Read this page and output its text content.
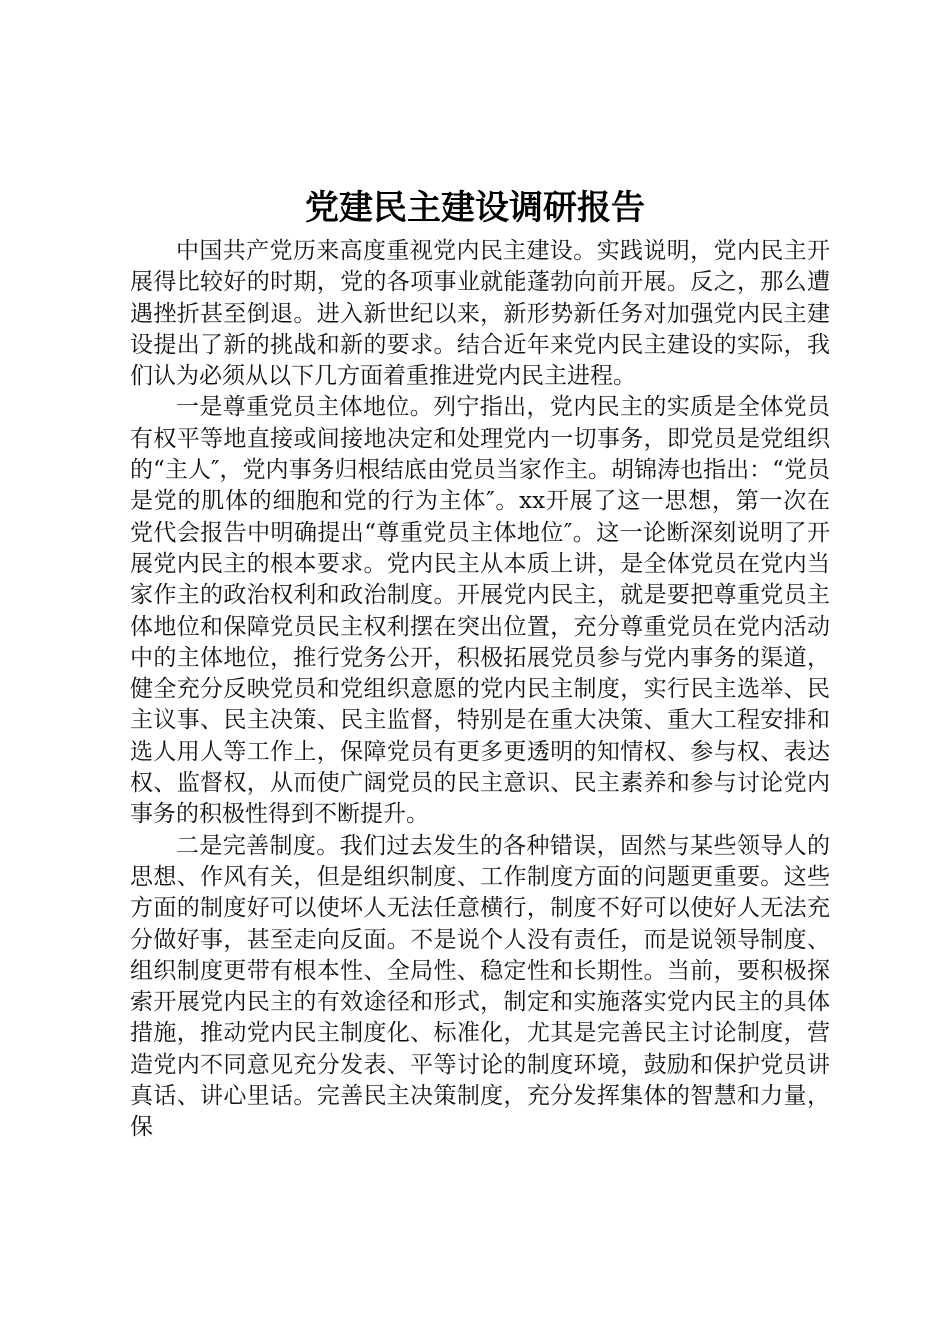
党建民主建设调研报告

中国共产党历来高度重视党内民主建设。实践说明，党内民主开展得比较好的时期，党的各项事业就能蓬勃向前开展。反之，那么遭遇挫折甚至倒退。进入新世纪以来，新形势新任务对加强党内民主建设提出了新的挑战和新的要求。结合近年来党内民主建设的实际，我们认为必须从以下几方面着重推进党内民主进程。

一是尊重党员主体地位。列宁指出，党内民主的实质是全体党员有权平等地直接或间接地决定和处理党内一切事务，即党员是党组织的“主人″，党内事务归根结底由党员当家作主。胡锦涛也指出：“党员是党的肌体的细胞和党的行为主体″。xx开展了这一思想，第一次在党代会报告中明确提出“尊重党员主体地位″。这一论断深刻说明了开展党内民主的根本要求。党内民主从本质上讲，是全体党员在党内当家作主的政治权利和政治制度。开展党内民主，就是要把尊重党员主体地位和保障党员民主权利摆在突出位置，充分尊重党员在党内活动中的主体地位，推行党务公开，积极拓展党员参与党内事务的渠道，健全充分反映党员和党组织意愿的党内民主制度，实行民主选举、民主议事、民主决策、民主监督，特别是在重大决策、重大工程安排和选人用人等工作上，保障党员有更多更透明的知情权、参与权、表达权、监督权，从而使广阔党员的民主意识、民主素养和参与讨论党内事务的积极性得到不断提升。

二是完善制度。我们过去发生的各种错误，固然与某些领导人的思想、作风有关，但是组织制度、工作制度方面的问题更重要。这些方面的制度好可以使坏人无法任意横行，制度不好可以使好人无法充分做好事，甚至走向反面。不是说个人没有责任，而是说领导制度、组织制度更带有根本性、全局性、稳定性和长期性。当前，要积极探索开展党内民主的有效途径和形式，制定和实施落实党内民主的具体措施，推动党内民主制度化、标准化，尤其是完善民主讨论制度，营造党内不同意见充分发表、平等讨论的制度环境，鼓励和保护党员讲真话、讲心里话。完善民主决策制度，充分发挥集体的智慧和力量，保
